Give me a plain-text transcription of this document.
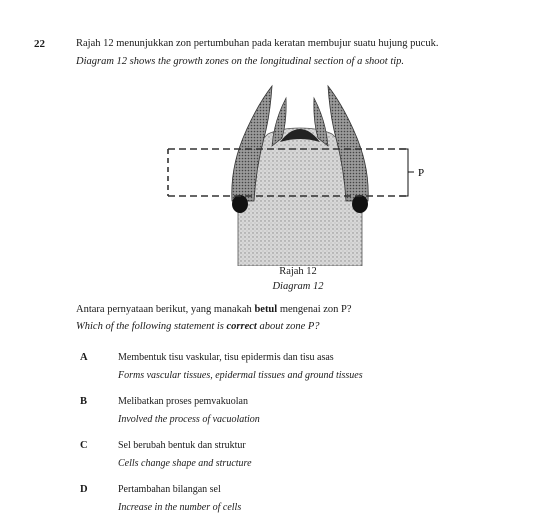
22	Rajah 12 menunjukkan zon pertumbuhan pada keratan membujur suatu hujung pucuk.
Diagram 12 shows the growth zones on the longitudinal section of a shoot tip.
P
Rajah 12
Diagram 12
Antara pernyataan berikut, yang manakah betul mengenai zon P?
Which of the following statement is correct about zone P?
A	Membentuk tisu vaskular, tisu epidermis dan tisu asas
Forms vascular tissues, epidermal tissues and ground tissues
B	Melibatkan proses pemvakuolan
Involved the process of vacuolation
C	Sel berubah bentuk dan struktur
Cells change shape and structure
D	Pertambahan bilangan sel
Increase in the number of cells
